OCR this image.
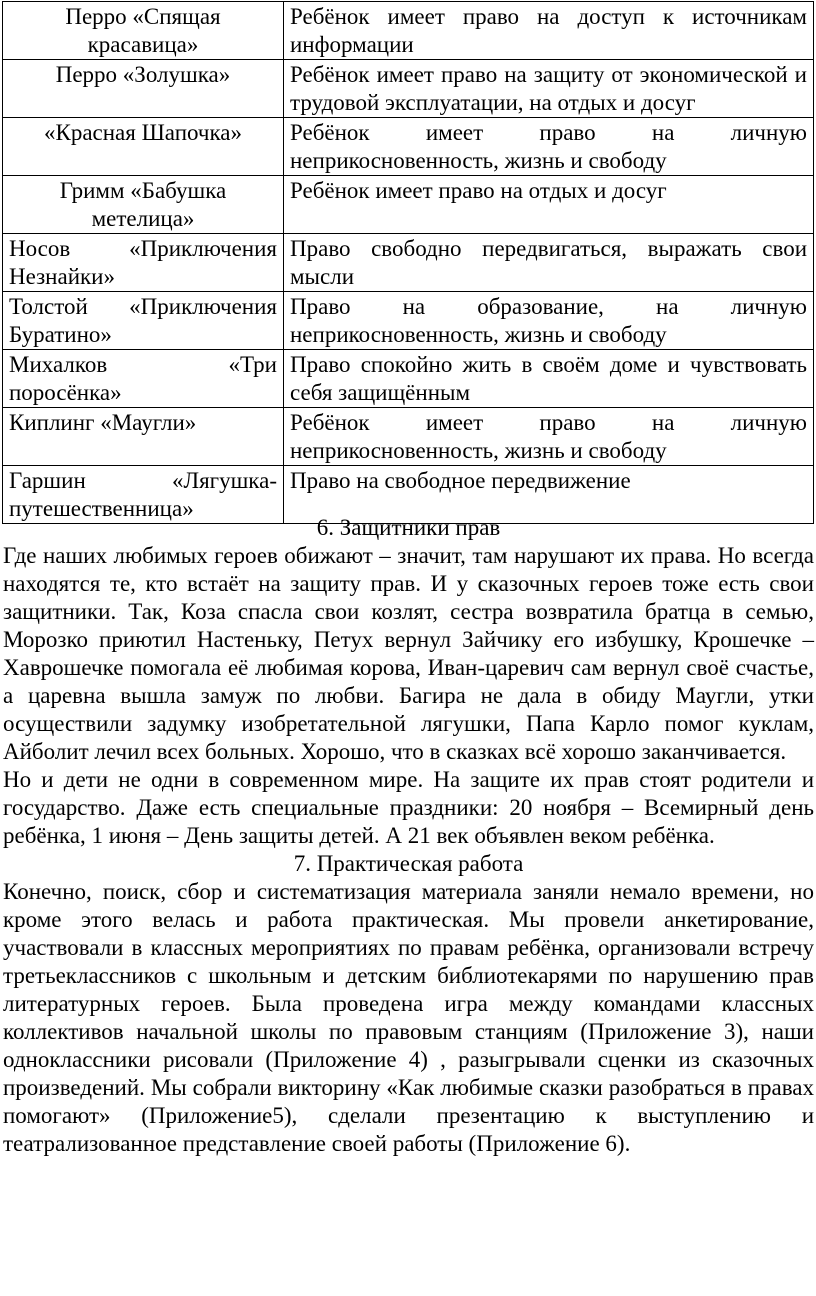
Перро «Спящая красавица»	Ребёнок имеет право на доступ к источникам информации
Перро «Золушка»	Ребёнок имеет право на защиту от экономической и трудовой эксплуатации, на отдых и досуг
«Красная Шапочка»	Ребёнок имеет право на личную неприкосновенность, жизнь и свободу
Гримм «Бабушка метелица»	Ребёнок имеет право на отдых и досуг
Носов «Приключения Незнайки»	Право свободно передвигаться, выражать свои мысли
Толстой «Приключения Буратино»	Право на образование, на личную неприкосновенность, жизнь и свободу
Михалков «Три поросёнка»	Право спокойно жить в своём доме и чувствовать себя защищённым
Киплинг «Маугли»	Ребёнок имеет право на личную неприкосновенность, жизнь и свободу
Гаршин «Лягушка-путешественница»	Право на свободное передвижение
6. Защитники прав

Где наших любимых героев обижают – значит, там нарушают их права. Но всегда находятся те, кто встаёт на защиту прав. И у сказочных героев тоже есть свои защитники. Так, Коза спасла свои козлят, сестра возвратила братца в семью, Морозко приютил Настеньку, Петух вернул Зайчику его избушку, Крошечке – Хаврошечке помогала её любимая корова, Иван-царевич сам вернул своё счастье, а царевна вышла замуж по любви. Багира не дала в обиду Маугли, утки осуществили задумку изобретательной лягушки, Папа Карло помог куклам, Айболит лечил всех больных. Хорошо, что в сказках всё хорошо заканчивается.

Но и дети не одни в современном мире. На защите их прав стоят родители и государство. Даже есть специальные праздники: 20 ноября – Всемирный день ребёнка, 1 июня – День защиты детей. А 21 век объявлен веком ребёнка.

7. Практическая работа

Конечно, поиск, сбор и систематизация материала заняли немало времени, но кроме этого велась и работа практическая. Мы провели анкетирование, участвовали в классных мероприятиях по правам ребёнка, организовали встречу третьеклассников с школьным и детским библиотекарями по нарушению прав литературных героев. Была проведена игра между командами классных коллективов начальной школы по правовым станциям (Приложение 3), наши одноклассники рисовали (Приложение 4) , разыгрывали сценки из сказочных произведений. Мы собрали викторину «Как любимые сказки разобраться в правах помогают» (Приложение5), сделали презентацию к выступлению и театрализованное представление своей работы (Приложение 6).
